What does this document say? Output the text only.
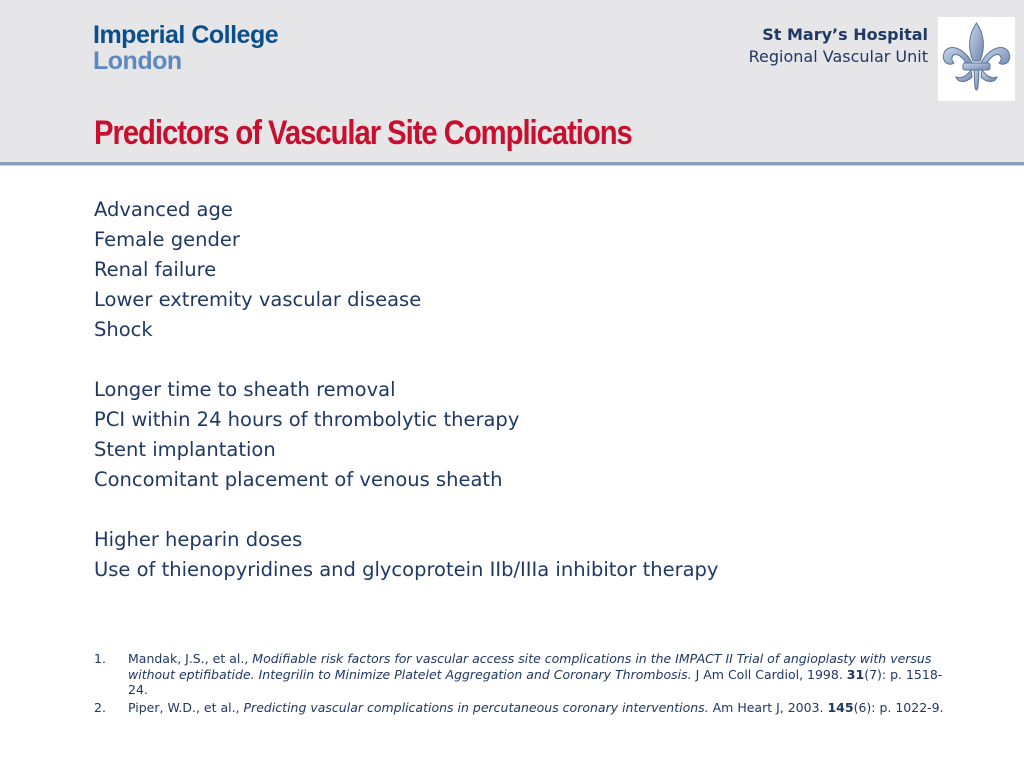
Imperial College
London
St Mary’s Hospital
Regional Vascular Unit
Predictors of Vascular Site Complications
Advanced age
Female gender
Renal failure
Lower extremity vascular disease
Shock
Longer time to sheath removal
PCI within 24 hours of thrombolytic therapy
Stent implantation
Concomitant placement of venous sheath
Higher heparin doses
Use of thienopyridines and glycoprotein IIb/IIIa inhibitor therapy
1. Mandak, J.S., et al., Modifiable risk factors for vascular access site complications in the IMPACT II Trial of angioplasty with versus without eptifibatide. Integrilin to Minimize Platelet Aggregation and Coronary Thrombosis. J Am Coll Cardiol, 1998. 31(7): p. 1518-24.
2. Piper, W.D., et al., Predicting vascular complications in percutaneous coronary interventions. Am Heart J, 2003. 145(6): p. 1022-9.
